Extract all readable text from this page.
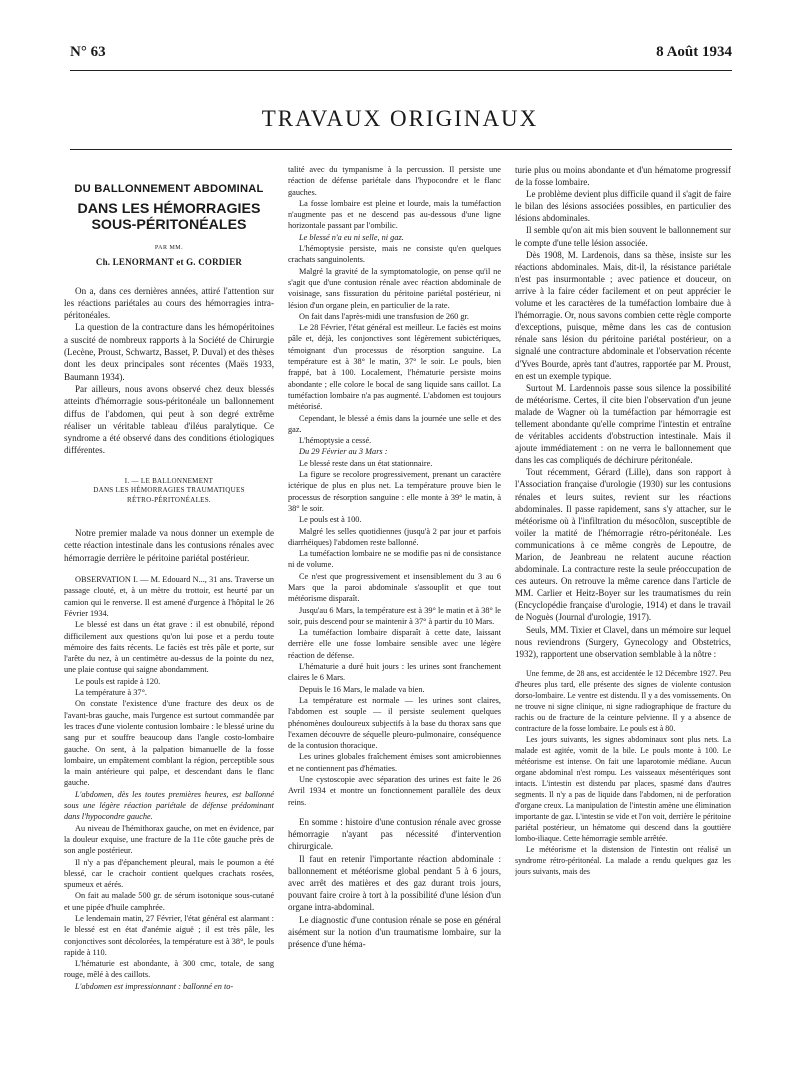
N° 63	8 Août 1934
TRAVAUX ORIGINAUX
DU BALLONNEMENT ABDOMINAL
DANS LES HÉMORRAGIES
SOUS-PÉRITONÉALES
PAR MM.
Ch. LENORMANT et G. CORDIER

On a, dans ces dernières années, attiré l'attention sur les réactions pariétales au cours des hémorragies intra-péritonéales.

La question de la contracture dans les hémopéritoines a suscité de nombreux rapports à la Société de Chirurgie (Lecène, Proust, Schwartz, Basset, P. Duval) et des thèses dont les deux principales sont récentes (Maës 1933, Baumann 1934).

Par ailleurs, nous avons observé chez deux blessés atteints d'hémorragie sous-péritonéale un ballonnement diffus de l'abdomen, qui peut à son degré extrême réaliser un véritable tableau d'iléus paralytique. Ce syndrome a été observé dans des conditions étiologiques différentes.

I. — LE BALLONNEMENT
DANS LES HÉMORRAGIES TRAUMATIQUES
RÉTRO-PÉRITONÉALES.

Notre premier malade va nous donner un exemple de cette réaction intestinale dans les contusions rénales avec hémorragie derrière le péritoine pariétal postérieur.

OBSERVATION I. — M. Edouard N..., 31 ans. Traverse un passage clouté, et, à un mètre du trottoir, est heurté par un camion qui le renverse. Il est amené d'urgence à l'hôpital le 26 Février 1934.

Le blessé est dans un état grave : il est obnubilé, répond difficilement aux questions qu'on lui pose et a perdu toute mémoire des faits récents. Le faciès est très pâle et porte, sur l'arête du nez, à un centimètre au-dessus de la pointe du nez, une plaie contuse qui saigne abondamment.

Le pouls est rapide à 120.

La température à 37°.

On constate l'existence d'une fracture des deux os de l'avant-bras gauche, mais l'urgence est surtout commandée par les traces d'une violente contusion lombaire : le blessé urine du sang pur et souffre beaucoup dans l'angle costo-lombaire gauche. On sent, à la palpation bimanuelle de la fosse lombaire, un empâtement comblant la région, perceptible sous la main antérieure qui palpe, et descendant dans le flanc gauche.

L'abdomen, dès les toutes premières heures, est ballonné sous une légère réaction pariétale de défense prédominant dans l'hypocondre gauche.

Au niveau de l'hémithorax gauche, on met en évidence, par la douleur exquise, une fracture de la 11e côte gauche près de son angle postérieur.

Il n'y a pas d'épanchement pleural, mais le poumon a été blessé, car le crachoir contient quelques crachats rosées, spumeux et aérés.

On fait au malade 500 gr. de sérum isotonique sous-cutané et une pipée d'huile camphrée.

Le lendemain matin, 27 Février, l'état général est alarmant : le blessé est en état d'anémie aiguë ; il est très pâle, les conjonctives sont décolorées, la température est à 38°, le pouls rapide à 110.

L'hématurie est abondante, à 300 cmc, totale, de sang rouge, mêlé à des caillots.

L'abdomen est impressionnant : ballonné en to-

talité avec du tympanisme à la percussion. Il persiste une réaction de défense pariétale dans l'hypocondre et le flanc gauches.

La fosse lombaire est pleine et lourde, mais la tuméfaction n'augmente pas et ne descend pas au-dessous d'une ligne horizontale passant par l'ombilic.

Le blessé n'a eu ni selle, ni gaz.

L'hémoptysie persiste, mais ne consiste qu'en quelques crachats sanguinolents.

Malgré la gravité de la symptomatologie, on pense qu'il ne s'agit que d'une contusion rénale avec réaction abdominale de voisinage, sans fissuration du péritoine pariétal postérieur, ni lésion d'un organe plein, en particulier de la rate.

On fait dans l'après-midi une transfusion de 260 gr.

Le 28 Février, l'état général est meilleur. Le faciès est moins pâle et, déjà, les conjonctives sont légèrement subictériques, témoignant d'un processus de résorption sanguine. La température est à 38° le matin, 37° le soir. Le pouls, bien frappé, bat à 100. Localement, l'hématurie persiste moins abondante ; elle colore le bocal de sang liquide sans caillot. La tuméfaction lombaire n'a pas augmenté. L'abdomen est toujours météorisé.

Cependant, le blessé a émis dans la journée une selle et des gaz.

L'hémoptysie a cessé.

Du 29 Février au 3 Mars :

Le blessé reste dans un état stationnaire.

La figure se recolore progressivement, prenant un caractère ictérique de plus en plus net. La température prouve bien le processus de résorption sanguine : elle monte à 39° le matin, à 38° le soir.

Le pouls est à 100.

Malgré les selles quotidiennes (jusqu'à 2 par jour et parfois diarrhéiques) l'abdomen reste ballonné.

La tuméfaction lombaire ne se modifie pas ni de consistance ni de volume.

Ce n'est que progressivement et insensiblement du 3 au 6 Mars que la paroi abdominale s'assouplit et que tout météorisme disparaît.

Jusqu'au 6 Mars, la température est à 39° le matin et à 38° le soir, puis descend pour se maintenir à 37° à partir du 10 Mars.

La tuméfaction lombaire disparaît à cette date, laissant derrière elle une fosse lombaire sensible avec une légère réaction de défense.

L'hématurie a duré huit jours : les urines sont franchement claires le 6 Mars.

Depuis le 16 Mars, le malade va bien.

La température est normale — les urines sont claires, l'abdomen est souple — il persiste seulement quelques phénomènes douloureux subjectifs à la base du thorax sans que l'examen découvre de séquelle pleuro-pulmonaire, conséquence de la contusion thoracique.

Les urines globales fraîchement émises sont amicrobiennes et ne contiennent pas d'hématies.

Une cystoscopie avec séparation des urines est faite le 26 Avril 1934 et montre un fonctionnement parallèle des deux reins.

En somme : histoire d'une contusion rénale avec grosse hémorragie n'ayant pas nécessité d'intervention chirurgicale.

Il faut en retenir l'importante réaction abdominale : ballonnement et météorisme global pendant 5 à 6 jours, avec arrêt des matières et des gaz durant trois jours, pouvant faire croire à tort à la possibilité d'une lésion d'un organe intra-abdominal.

Le diagnostic d'une contusion rénale se pose en général aisément sur la notion d'un traumatisme lombaire, sur la présence d'une héma-

turie plus ou moins abondante et d'un hématome progressif de la fosse lombaire.

Le problème devient plus difficile quand il s'agit de faire le bilan des lésions associées possibles, en particulier des lésions abdominales.

Il semble qu'on ait mis bien souvent le ballonnement sur le compte d'une telle lésion associée.

Dès 1908, M. Lardenois, dans sa thèse, insiste sur les réactions abdominales. Mais, dit-il, la résistance pariétale n'est pas insurmontable ; avec patience et douceur, on arrive à la faire céder facilement et on peut apprécier le volume et les caractères de la tuméfaction lombaire due à l'hémorragie. Or, nous savons combien cette règle comporte d'exceptions, puisque, même dans les cas de contusion rénale sans lésion du péritoine pariétal postérieur, on a signalé une contracture abdominale et l'observation récente d'Yves Bourde, après tant d'autres, rapportée par M. Proust, en est un exemple typique.

Surtout M. Lardennois passe sous silence la possibilité de météorisme. Certes, il cite bien l'observation d'un jeune malade de Wagner où la tuméfaction par hémorragie est tellement abondante qu'elle comprime l'intestin et entraîne de véritables accidents d'obstruction intestinale. Mais il ajoute immédiatement : on ne verra le ballonnement que dans les cas compliqués de déchirure péritonéale.

Tout récemment, Gérard (Lille), dans son rapport à l'Association française d'urologie (1930) sur les contusions rénales et leurs suites, revient sur les réactions abdominales. Il passe rapidement, sans s'y attacher, sur le météorisme où à l'infiltration du mésocôlon, susceptible de voiler la matité de l'hémorragie rétro-péritonéale. Les communications à ce même congrès de Lepoutre, de Marion, de Jeanbreau ne relatent aucune réaction abdominale. La contracture reste la seule préoccupation de ces auteurs. On retrouve la même carence dans l'article de MM. Carlier et Heitz-Boyer sur les traumatismes du rein (Encyclopédie française d'urologie, 1914) et dans le travail de Noguès (Journal d'urologie, 1917).

Seuls, MM. Tixier et Clavel, dans un mémoire sur lequel nous reviendrons (Surgery, Gynecology and Obstetrics, 1932), rapportent une observation semblable à la nôtre :

Une femme, de 28 ans, est accidentée le 12 Décembre 1927. Peu d'heures plus tard, elle présente des signes de violente contusion dorso-lombaire. Le ventre est distendu. Il y a des vomissements. On ne trouve ni signe clinique, ni signe radiographique de fracture du rachis ou de fracture de la ceinture pelvienne. Il y a absence de contracture de la fosse lombaire. Le pouls est à 80.

Les jours suivants, les signes abdominaux sont plus nets. La malade est agitée, vomit de la bile. Le pouls monte à 100. Le météorisme est intense. On fait une laparotomie médiane. Aucun organe abdominal n'est rompu. Les vaisseaux mésentériques sont intacts. L'intestin est distendu par places, spasmé dans d'autres segments. Il n'y a pas de liquide dans l'abdomen, ni de perforation d'organe creux. La manipulation de l'intestin amène une élimination importante de gaz. L'intestin se vide et l'on voit, derrière le péritoine pariétal postérieur, un hématome qui descend dans la gouttière lombo-iliaque. Cette hémorragie semble arrêtée.

Le météorisme et la distension de l'intestin ont réalisé un syndrome rétro-péritonéal. La malade a rendu quelques gaz les jours suivants, mais des
